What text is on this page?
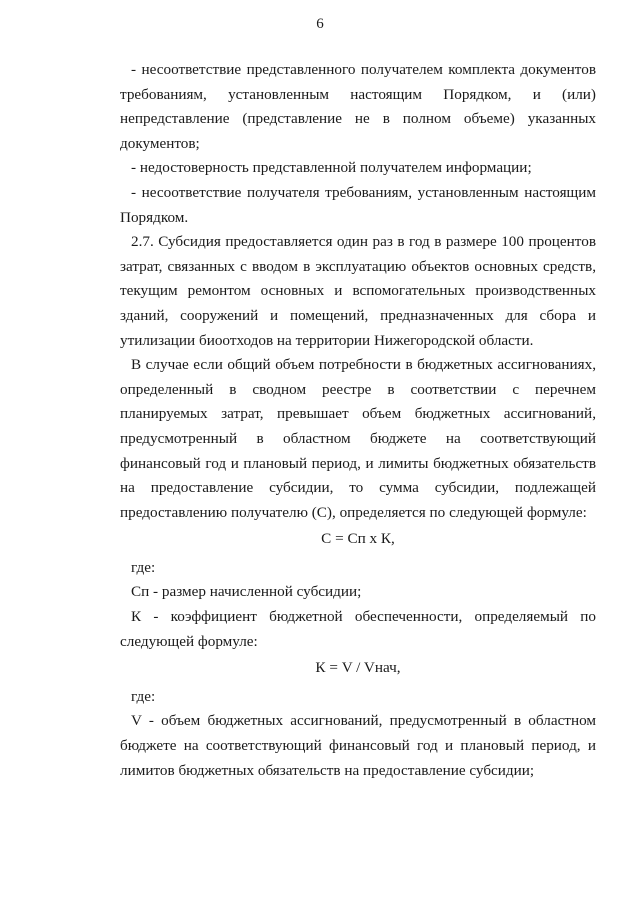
6

- несоответствие представленного получателем комплекта документов требованиям, установленным настоящим Порядком, и (или) непредставление (представление не в полном объеме) указанных документов;

- недостоверность представленной получателем информации;

- несоответствие получателя требованиям, установленным настоящим Порядком.

2.7. Субсидия предоставляется один раз в год в размере 100 процентов затрат, связанных с вводом в эксплуатацию объектов основных средств, текущим ремонтом основных и вспомогательных производственных зданий, сооружений и помещений, предназначенных для сбора и утилизации биоотходов на территории Нижегородской области.

В случае если общий объем потребности в бюджетных ассигнованиях, определенный в сводном реестре в соответствии с перечнем планируемых затрат, превышает объем бюджетных ассигнований, предусмотренный в областном бюджете на соответствующий финансовый год и плановый период, и лимиты бюджетных обязательств на предоставление субсидии, то сумма субсидии, подлежащей предоставлению получателю (С), определяется по следующей формуле:

С = Сп х К,

где:

Сп - размер начисленной субсидии;

К - коэффициент бюджетной обеспеченности, определяемый по следующей формуле:

К = V / Vнач,

где:

V - объем бюджетных ассигнований, предусмотренный в областном бюджете на соответствующий финансовый год и плановый период, и лимитов бюджетных обязательств на предоставление субсидии;
